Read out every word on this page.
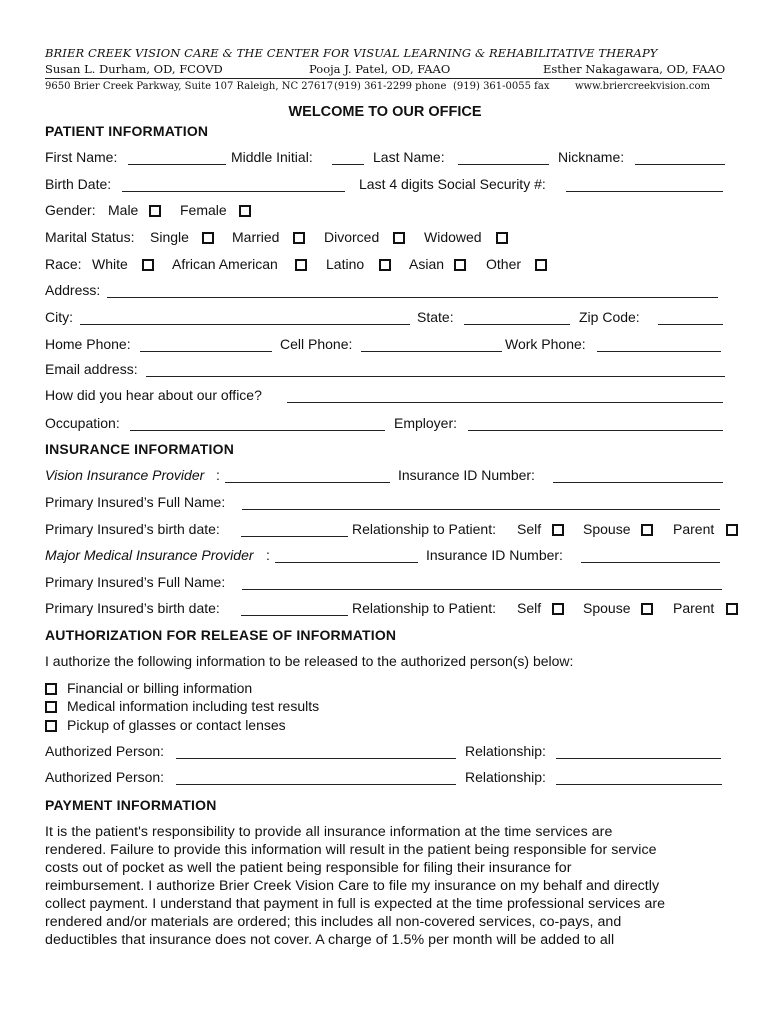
BRIER CREEK VISION CARE & THE CENTER FOR VISUAL LEARNING & REHABILITATIVE THERAPY
Susan L. Durham, OD, FCOVD	Pooja J. Patel, OD, FAAO	Esther Nakagawara, OD, FAAO
9650 Brier Creek Parkway, Suite 107 Raleigh, NC 27617 (919) 361-2299 phone (919) 361-0055 fax	www.briercreekvision.com
WELCOME TO OUR OFFICE
PATIENT INFORMATION
First Name:	Middle Initial:	Last Name:	Nickname:
Birth Date:	Last 4 digits Social Security #:
Gender: Male	Female
Marital Status: Single	Married	Divorced	Widowed
Race: White	African American	Latino	Asian	Other
Address:
City:	State:	Zip Code:
Home Phone:	Cell Phone:	Work Phone:
Email address:
How did you hear about our office?
Occupation:	Employer:
INSURANCE INFORMATION
Vision Insurance Provider :	Insurance ID Number:
Primary Insured’s Full Name:
Primary Insured’s birth date:	Relationship to Patient: Self	Spouse	Parent
Major Medical Insurance Provider :	Insurance ID Number:
Primary Insured’s Full Name:
Primary Insured’s birth date:	Relationship to Patient: Self	Spouse	Parent
AUTHORIZATION FOR RELEASE OF INFORMATION
I authorize the following information to be released to the authorized person(s) below:
Financial or billing information
Medical information including test results
Pickup of glasses or contact lenses
Authorized Person:	Relationship:
Authorized Person:	Relationship:
PAYMENT INFORMATION
It is the patient's responsibility to provide all insurance information at the time services are
rendered. Failure to provide this information will result in the patient being responsible for service
costs out of pocket as well the patient being responsible for filing their insurance for
reimbursement. I authorize Brier Creek Vision Care to file my insurance on my behalf and directly
collect payment. I understand that payment in full is expected at the time professional services are
rendered and/or materials are ordered; this includes all non-covered services, co-pays, and
deductibles that insurance does not cover. A charge of 1.5% per month will be added to all
